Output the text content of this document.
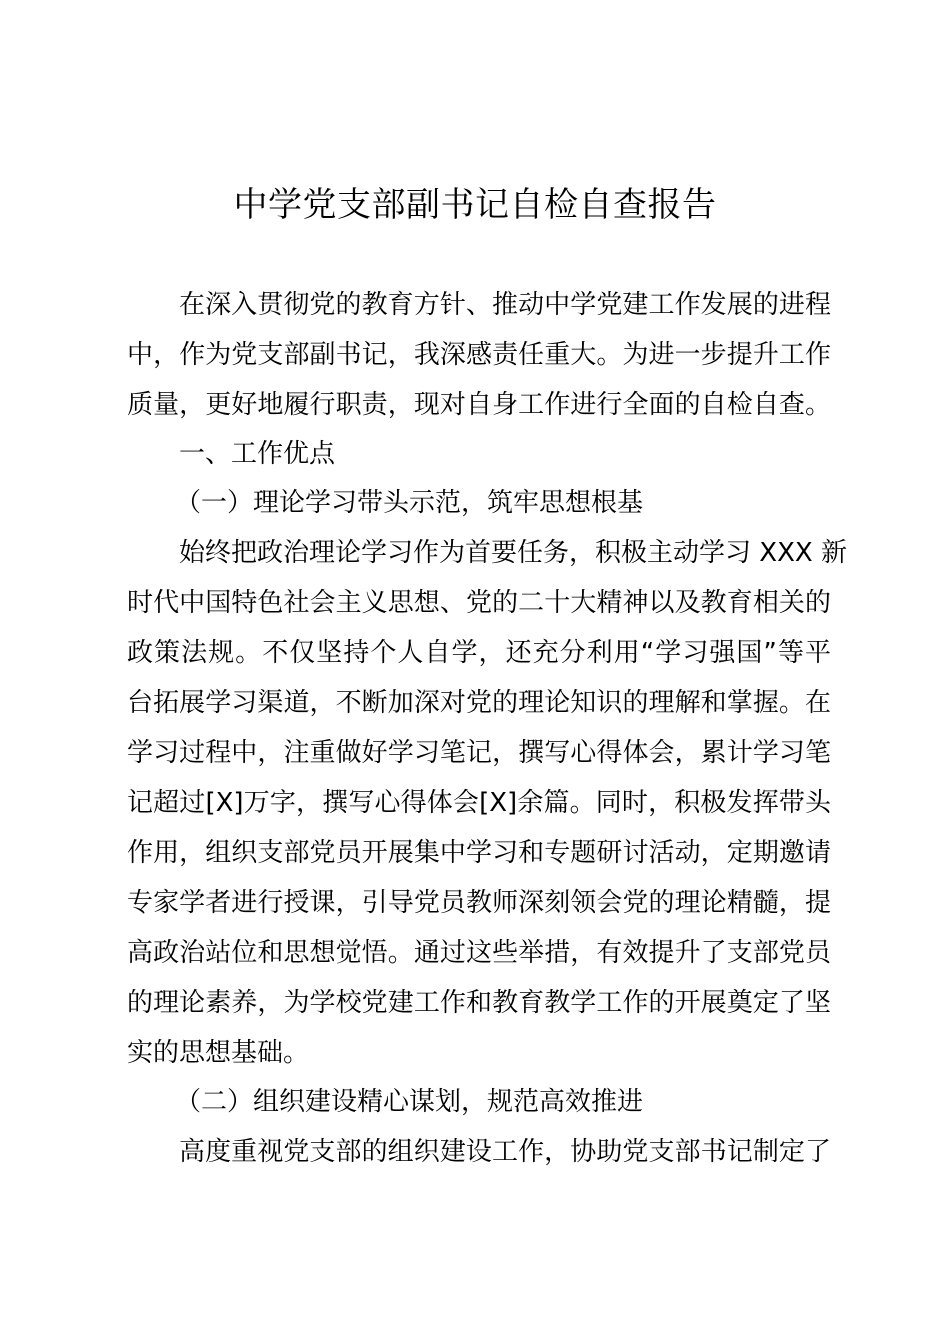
中学党支部副书记自检自查报告
在深入贯彻党的教育方针、推动中学党建工作发展的进程
中，作为党支部副书记，我深感责任重大。为进一步提升工作
质量，更好地履行职责，现对自身工作进行全面的自检自查。
一、工作优点
（一）理论学习带头示范，筑牢思想根基
始终把政治理论学习作为首要任务，积极主动学习 XXX 新
时代中国特色社会主义思想、党的二十大精神以及教育相关的
政策法规。不仅坚持个人自学，还充分利用“学习强国”等平
台拓展学习渠道，不断加深对党的理论知识的理解和掌握。在
学习过程中，注重做好学习笔记，撰写心得体会，累计学习笔
记超过[X]万字，撰写心得体会[X]余篇。同时，积极发挥带头
作用，组织支部党员开展集中学习和专题研讨活动，定期邀请
专家学者进行授课，引导党员教师深刻领会党的理论精髓，提
高政治站位和思想觉悟。通过这些举措，有效提升了支部党员
的理论素养，为学校党建工作和教育教学工作的开展奠定了坚
实的思想基础。
（二）组织建设精心谋划，规范高效推进
高度重视党支部的组织建设工作，协助党支部书记制定了
